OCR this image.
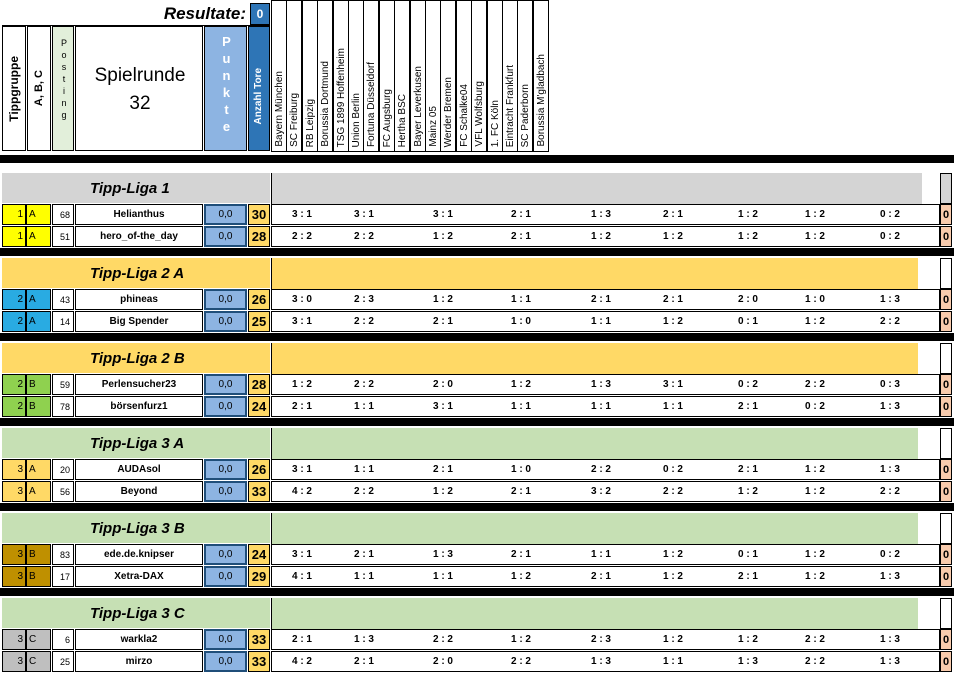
Resultate: 0
Tippgruppe A, B, C
P o s t i n g
Spielrunde
32
P u n k t e
Anzahl Tore Bayern München SC Freiburg RB Leipzig Borussia Dortmund TSG 1899 Hoffenheim Union Berlin Fortuna Düsseldorf FC Augsburg Hertha BSC Bayer Leverkusen Mainz 05 Werder Bremen FC Schalke04 VFL Wolfsburg 1. FC Köln Eintracht Frankfurt SC Paderborn Borussia M'gladbach
Tipp-Liga 1
1 A	68	Helianthus	0,0	30	3 : 1	3 : 1	3 : 1	2 : 1	1 : 3	2 : 1	1 : 2	1 : 2	0 : 2	0
1 A	51	hero_of-the_day	0,0	28	2 : 2	2 : 2	1 : 2	2 : 1	1 : 2	1 : 2	1 : 2	1 : 2	0 : 2	0
Tipp-Liga 2 A
2 A	43	phineas	0,0	26	3 : 0	2 : 3	1 : 2	1 : 1	2 : 1	2 : 1	2 : 0	1 : 0	1 : 3	0
2 A	14	Big Spender	0,0	25	3 : 1	2 : 2	2 : 1	1 : 0	1 : 1	1 : 2	0 : 1	1 : 2	2 : 2	0
Tipp-Liga 2 B
2 B	59	Perlensucher23	0,0	28	1 : 2	2 : 2	2 : 0	1 : 2	1 : 3	3 : 1	0 : 2	2 : 2	0 : 3	0
2 B	78	börsenfurz1	0,0	24	2 : 1	1 : 1	3 : 1	1 : 1	1 : 1	1 : 1	2 : 1	0 : 2	1 : 3	0
Tipp-Liga 3 A
3 A	20	AUDAsol	0,0	26	3 : 1	1 : 1	2 : 1	1 : 0	2 : 2	0 : 2	2 : 1	1 : 2	1 : 3	0
3 A	56	Beyond	0,0	33	4 : 2	2 : 2	1 : 2	2 : 1	3 : 2	2 : 2	1 : 2	1 : 2	2 : 2	0
Tipp-Liga 3 B
3 B	83	ede.de.knipser	0,0	24	3 : 1	2 : 1	1 : 3	2 : 1	1 : 1	1 : 2	0 : 1	1 : 2	0 : 2	0
3 B	17	Xetra-DAX	0,0	29	4 : 1	1 : 1	1 : 1	1 : 2	2 : 1	1 : 2	2 : 1	1 : 2	1 : 3	0
Tipp-Liga 3 C
3 C	6	warkla2	0,0	33	2 : 1	1 : 3	2 : 2	1 : 2	2 : 3	1 : 2	1 : 2	2 : 2	1 : 3	0
3 C	25	mirzo	0,0	33	4 : 2	2 : 1	2 : 0	2 : 2	1 : 3	1 : 1	1 : 3	2 : 2	1 : 3	0
